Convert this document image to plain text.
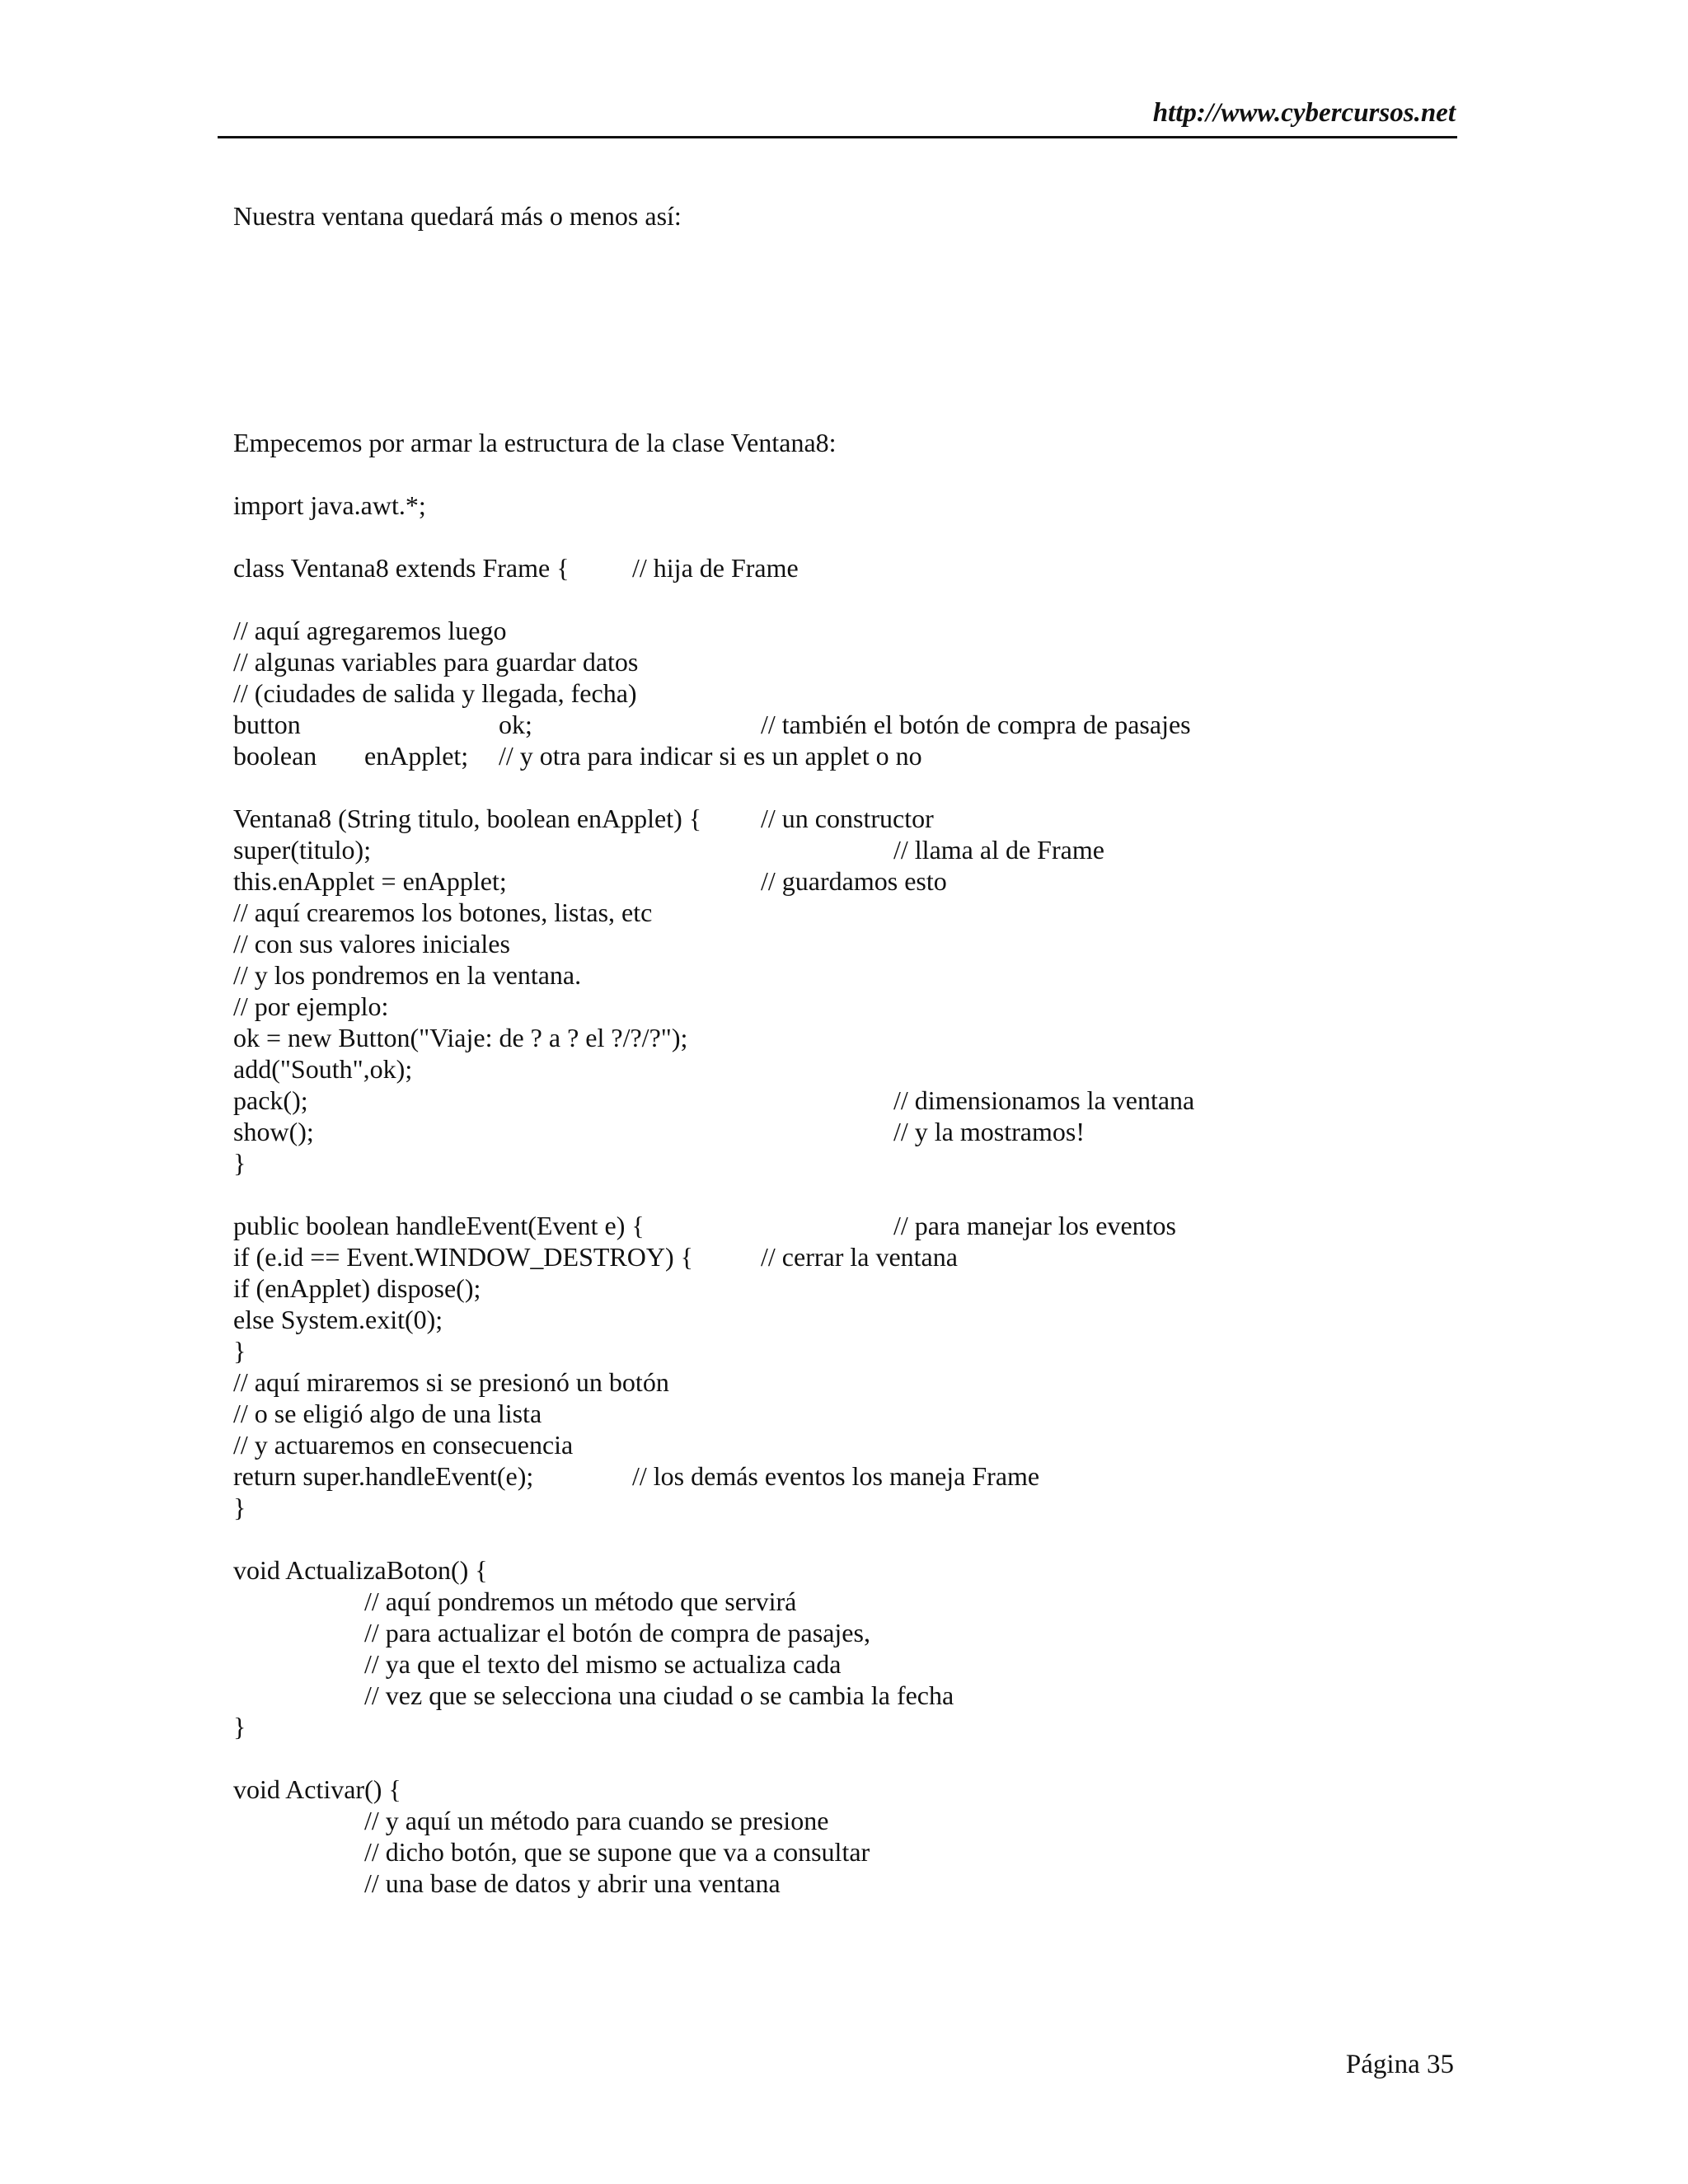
http://www.cybercursos.net
Nuestra ventana quedará más o menos así:
Empecemos por armar la estructura de la clase Ventana8:
import java.awt.*;
class Ventana8 extends Frame { // hija de Frame
// aquí agregaremos luego
// algunas variables para guardar datos
// (ciudades de salida y llegada, fecha)
button	ok;	// también el botón de compra de pasajes
boolean enApplet; // y otra para indicar si es un applet o no
Ventana8 (String titulo, boolean enApplet) { // un constructor
super(titulo);	// llama al de Frame
this.enApplet = enApplet;	// guardamos esto
// aquí crearemos los botones, listas, etc
// con sus valores iniciales
// y los pondremos en la ventana.
// por ejemplo:
ok = new Button("Viaje: de ? a ? el ?/?/?");
add("South",ok);
pack();	// dimensionamos la ventana
show();	// y la mostramos!
}
public boolean handleEvent(Event e) {	// para manejar los eventos
if (e.id == Event.WINDOW_DESTROY) {	// cerrar la ventana
if (enApplet) dispose();
else System.exit(0);
}
// aquí miraremos si se presionó un botón
// o se eligió algo de una lista
// y actuaremos en consecuencia
return super.handleEvent(e);	// los demás eventos los maneja Frame
}
void ActualizaBoton() {
// aquí pondremos un método que servirá
// para actualizar el botón de compra de pasajes,
// ya que el texto del mismo se actualiza cada
// vez que se selecciona una ciudad o se cambia la fecha
}
void Activar() {
// y aquí un método para cuando se presione
// dicho botón, que se supone que va a consultar
// una base de datos y abrir una ventana
Página 35
